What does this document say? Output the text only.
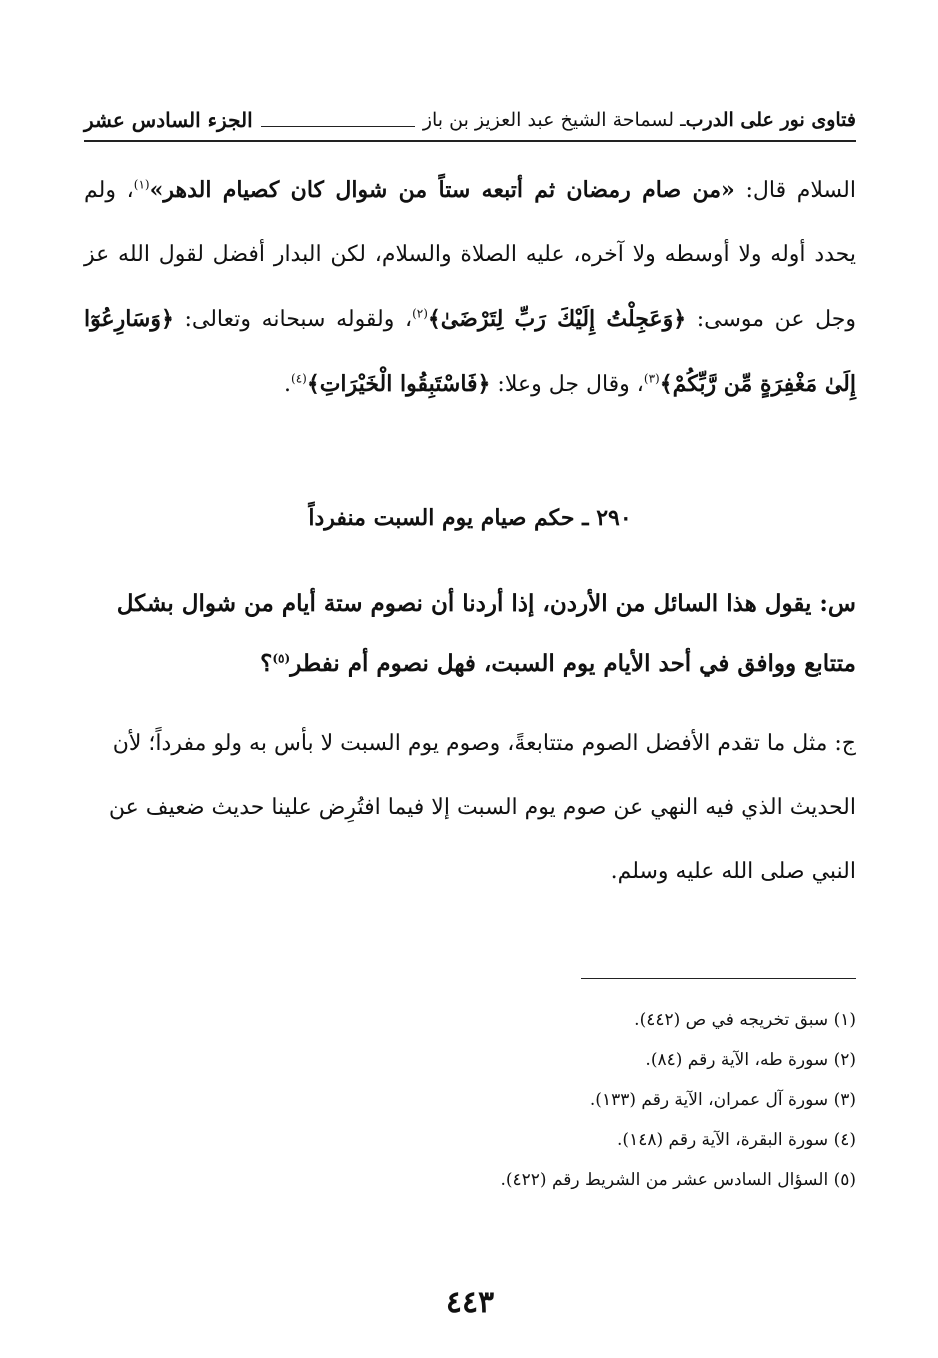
فتاوى نور على الدرب
ـ لسماحة الشيخ عبد العزيز بن باز
الجزء السادس عشر

السلام قال: «من صام رمضان ثم أتبعه ستاً من شوال كان كصيام الدهر»$^{(١)}$، ولم يحدد أوله ولا أوسطه ولا آخره، عليه الصلاة والسلام، لكن البدار أفضل لقول الله عز وجل عن موسى: ﴿وَعَجِلْتُ إِلَيْكَ رَبِّ لِتَرْضَىٰ﴾$^{(٢)}$، ولقوله سبحانه وتعالى: ﴿وَسَارِعُوٓا إِلَىٰ مَغْفِرَةٍ مِّن رَّبِّكُمْ﴾$^{(٣)}$، وقال جل وعلا: ﴿فَاسْتَبِقُوا الْخَيْرَاتِ﴾$^{(٤)}$.

٢٩٠ ـ حكم صيام يوم السبت منفرداً

س: يقول هذا السائل من الأردن، إذا أردنا أن نصوم ستة أيام من شوال بشكل متتابع ووافق في أحد الأيام يوم السبت، فهل نصوم أم نفطر$^{(٥)}$؟

ج: مثل ما تقدم الأفضل الصوم متتابعةً، وصوم يوم السبت لا بأس به ولو مفرداً؛ لأن الحديث الذي فيه النهي عن صوم يوم السبت إلا فيما افتُرِض علينا حديث ضعيف عن النبي صلى الله عليه وسلم.

(١) سبق تخريجه في ص (٤٤٢).
(٢) سورة طه، الآية رقم (٨٤).
(٣) سورة آل عمران، الآية رقم (١٣٣).
(٤) سورة البقرة، الآية رقم (١٤٨).
(٥) السؤال السادس عشر من الشريط رقم (٤٢٢).
٤٤٣
